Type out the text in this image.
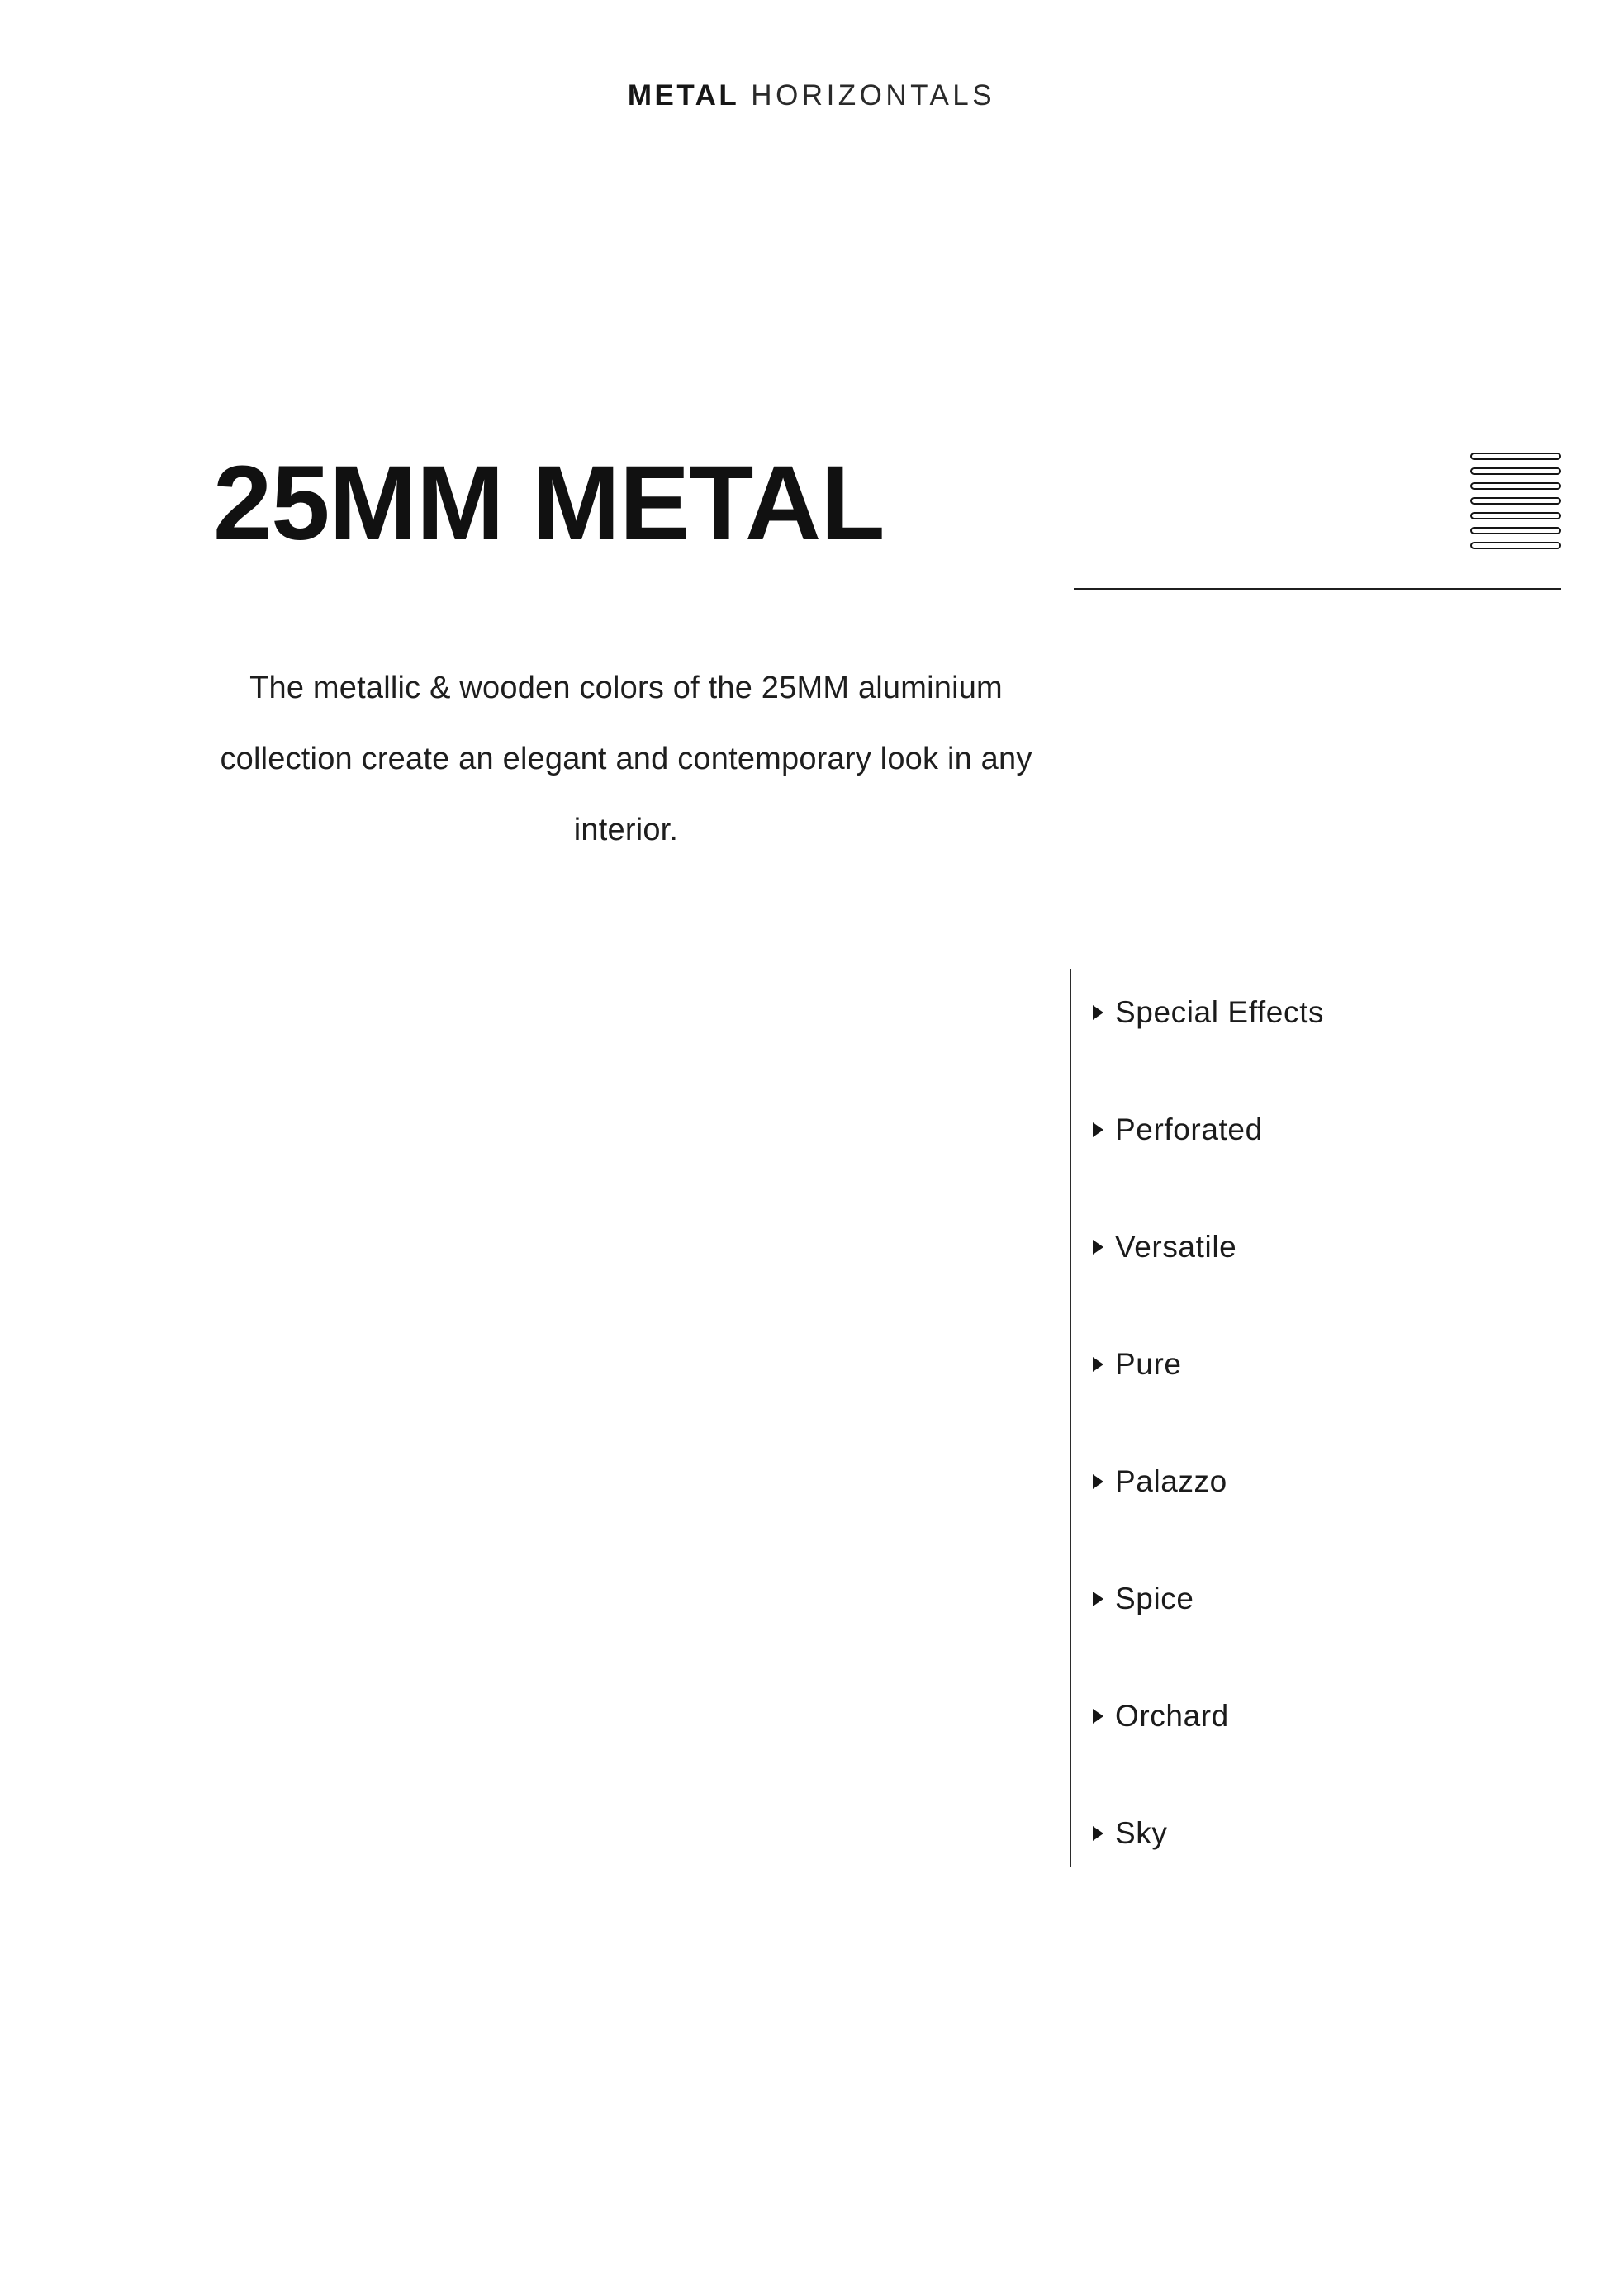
METAL HORIZONTALS
25MM METAL
The metallic & wooden colors of the 25MM aluminium collection create an elegant and contemporary look in any interior.
Special Effects
Perforated
Versatile
Pure
Palazzo
Spice
Orchard
Sky
